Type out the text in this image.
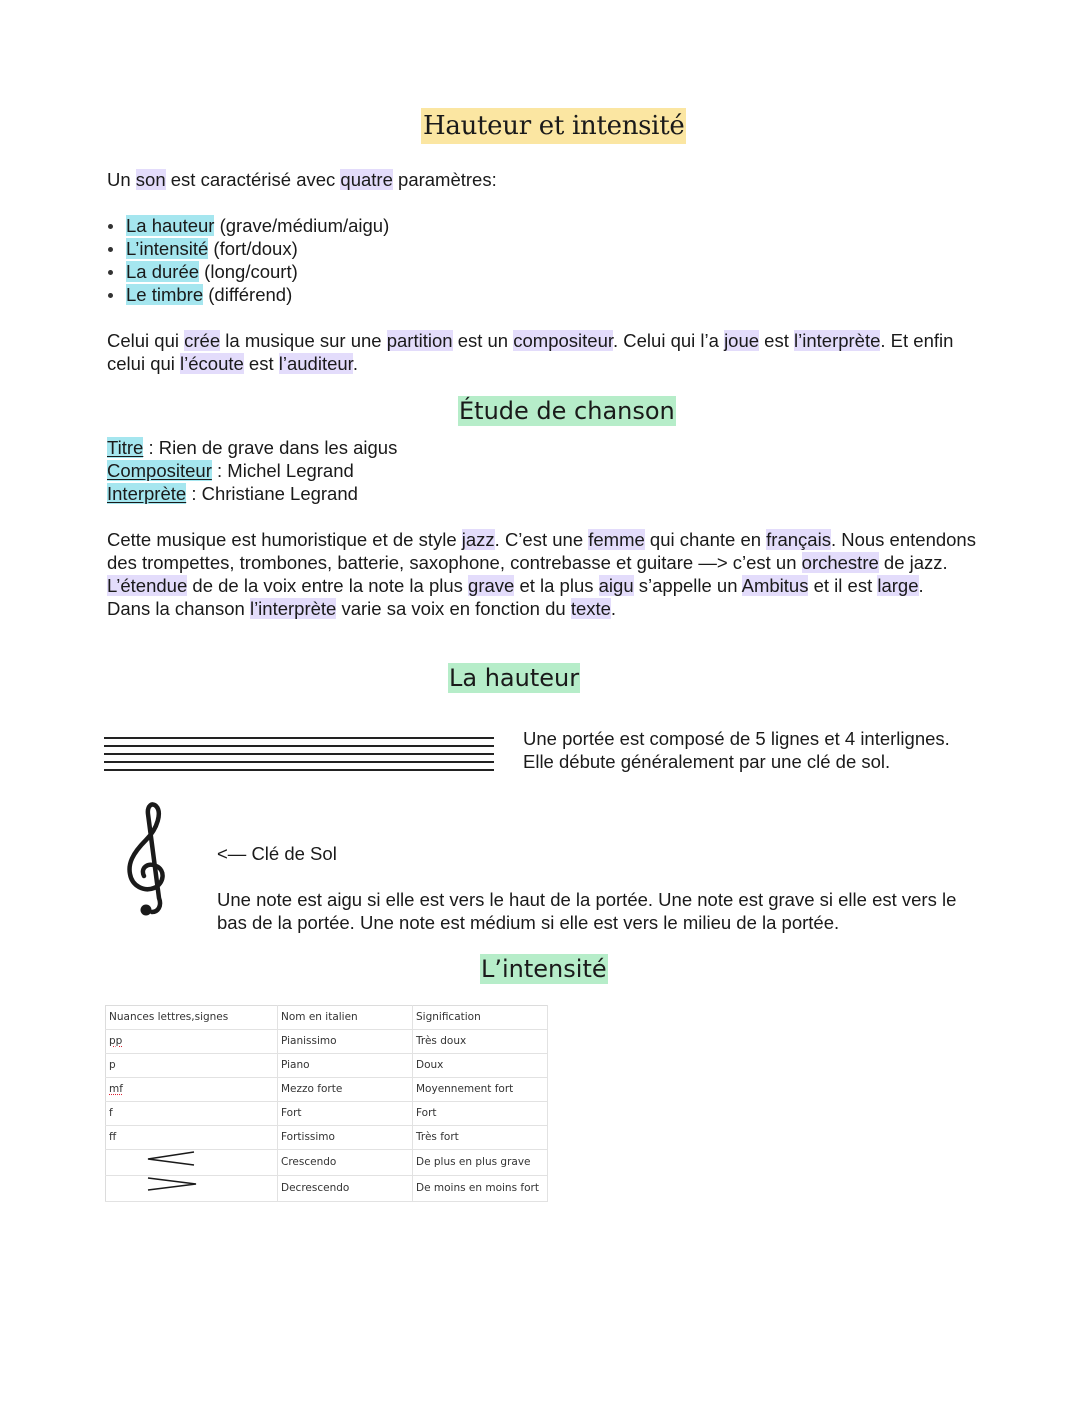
Hauteur et intensité
Un son est caractérisé avec quatre paramètres:
La hauteur (grave/médium/aigu)
L’intensité (fort/doux)
La durée (long/court)
Le timbre (différend)
Celui qui crée la musique sur une partition est un compositeur. Celui qui l’a joue est l’interprète. Et enfin celui qui l’écoute est l’auditeur.
Étude de chanson
Titre : Rien de grave dans les aigus
Compositeur : Michel Legrand
Interprète : Christiane Legrand
Cette musique est humoristique et de style jazz. C’est une femme qui chante en français. Nous entendons des trompettes, trombones, batterie, saxophone, contrebasse et guitare —> c’est un orchestre de jazz.
L’étendue de de la voix entre la note la plus grave et la plus aigu s’appelle un Ambitus et il est large.
Dans la chanson l’interprète varie sa voix en fonction du texte.
La hauteur
Une portée est composé de 5 lignes et 4 interlignes. Elle débute généralement par une clé de sol.
<— Clé de Sol
Une note est aigu si elle est vers le haut de la portée. Une note est grave si elle est vers le bas de la portée. Une note est médium si elle est vers le milieu de la portée.
L’intensité
Nuances lettres,signes	Nom en italien	Signification
pp	Pianissimo	Très doux
p	Piano	Doux
mf	Mezzo forte	Moyennement fort
f	Fort	Fort
ff	Fortissimo	Très fort
	Crescendo	De plus en plus grave
	Decrescendo	De moins en moins fort
